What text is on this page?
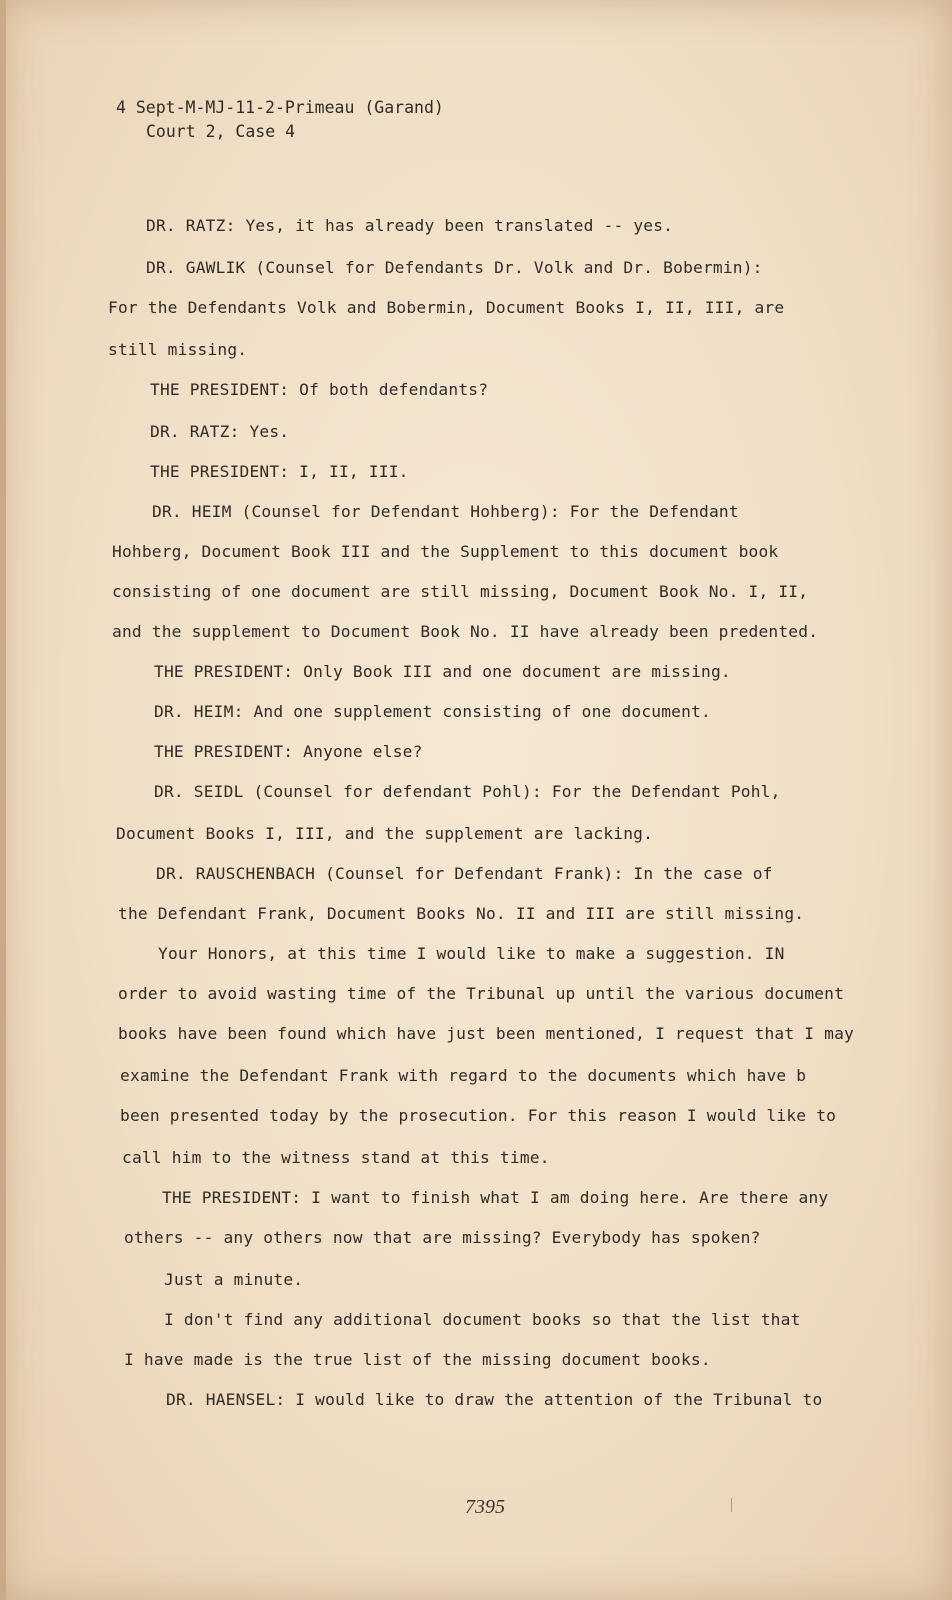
4 Sept-M-MJ-11-2-Primeau (Garand)
Court 2, Case 4
DR. RATZ: Yes, it has already been translated -- yes.
DR. GAWLIK (Counsel for Defendants Dr. Volk and Dr. Bobermin):
For the Defendants Volk and Bobermin, Document Books I, II, III, are
still missing.
THE PRESIDENT: Of both defendants?
DR. RATZ: Yes.
THE PRESIDENT: I, II, III.
DR. HEIM (Counsel for Defendant Hohberg): For the Defendant
Hohberg, Document Book III and the Supplement to this document book
consisting of one document are still missing, Document Book No. I, II,
and the supplement to Document Book No. II have already been predented.
THE PRESIDENT: Only Book III and one document are missing.
DR. HEIM: And one supplement consisting of one document.
THE PRESIDENT: Anyone else?
DR. SEIDL (Counsel for defendant Pohl): For the Defendant Pohl,
Document Books I, III, and the supplement are lacking.
DR. RAUSCHENBACH (Counsel for Defendant Frank): In the case of
the Defendant Frank, Document Books No. II and III are still missing.
Your Honors, at this time I would like to make a suggestion. IN
order to avoid wasting time of the Tribunal up until the various document
books have been found which have just been mentioned, I request that I may
examine the Defendant Frank with regard to the documents which have b
been presented today by the prosecution. For this reason I would like to
call him to the witness stand at this time.
THE PRESIDENT: I want to finish what I am doing here. Are there any
others -- any others now that are missing? Everybody has spoken?
Just a minute.
I don't find any additional document books so that the list that
I have made is the true list of the missing document books.
DR. HAENSEL: I would like to draw the attention of the Tribunal to
7395
